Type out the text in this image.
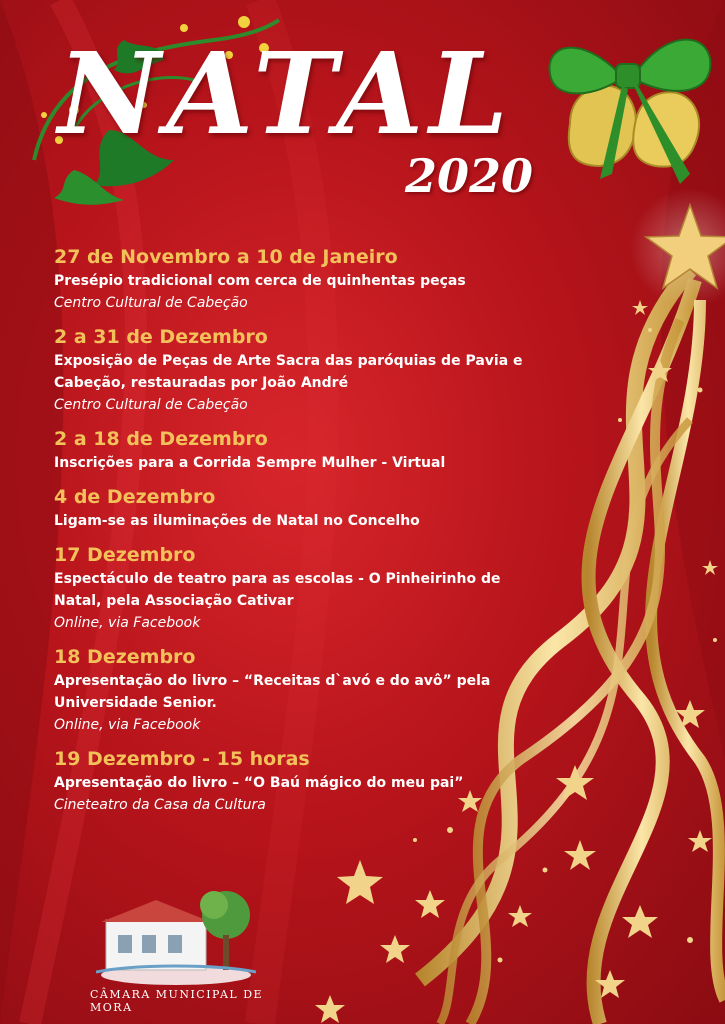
NATAL
2020
27 de Novembro a 10 de Janeiro
Presépio tradicional com cerca de quinhentas peças
Centro Cultural de Cabeção
2 a 31 de Dezembro
Exposição de Peças de Arte Sacra das paróquias de Pavia e Cabeção, restauradas por João André
Centro Cultural de Cabeção
2 a 18 de Dezembro
Inscrições para a Corrida Sempre Mulher - Virtual
4 de Dezembro
Ligam-se as iluminações de Natal no Concelho
17 Dezembro
Espectáculo de teatro para as escolas - O Pinheirinho de Natal, pela Associação Cativar
Online, via Facebook
18 Dezembro
Apresentação do livro – “Receitas d`avó e do avô” pela Universidade Senior.
Online, via Facebook
19 Dezembro - 15 horas
Apresentação do livro – “O Baú mágico do meu pai”
Cineteatro da Casa da Cultura
CÂMARA MUNICIPAL DE MORA
